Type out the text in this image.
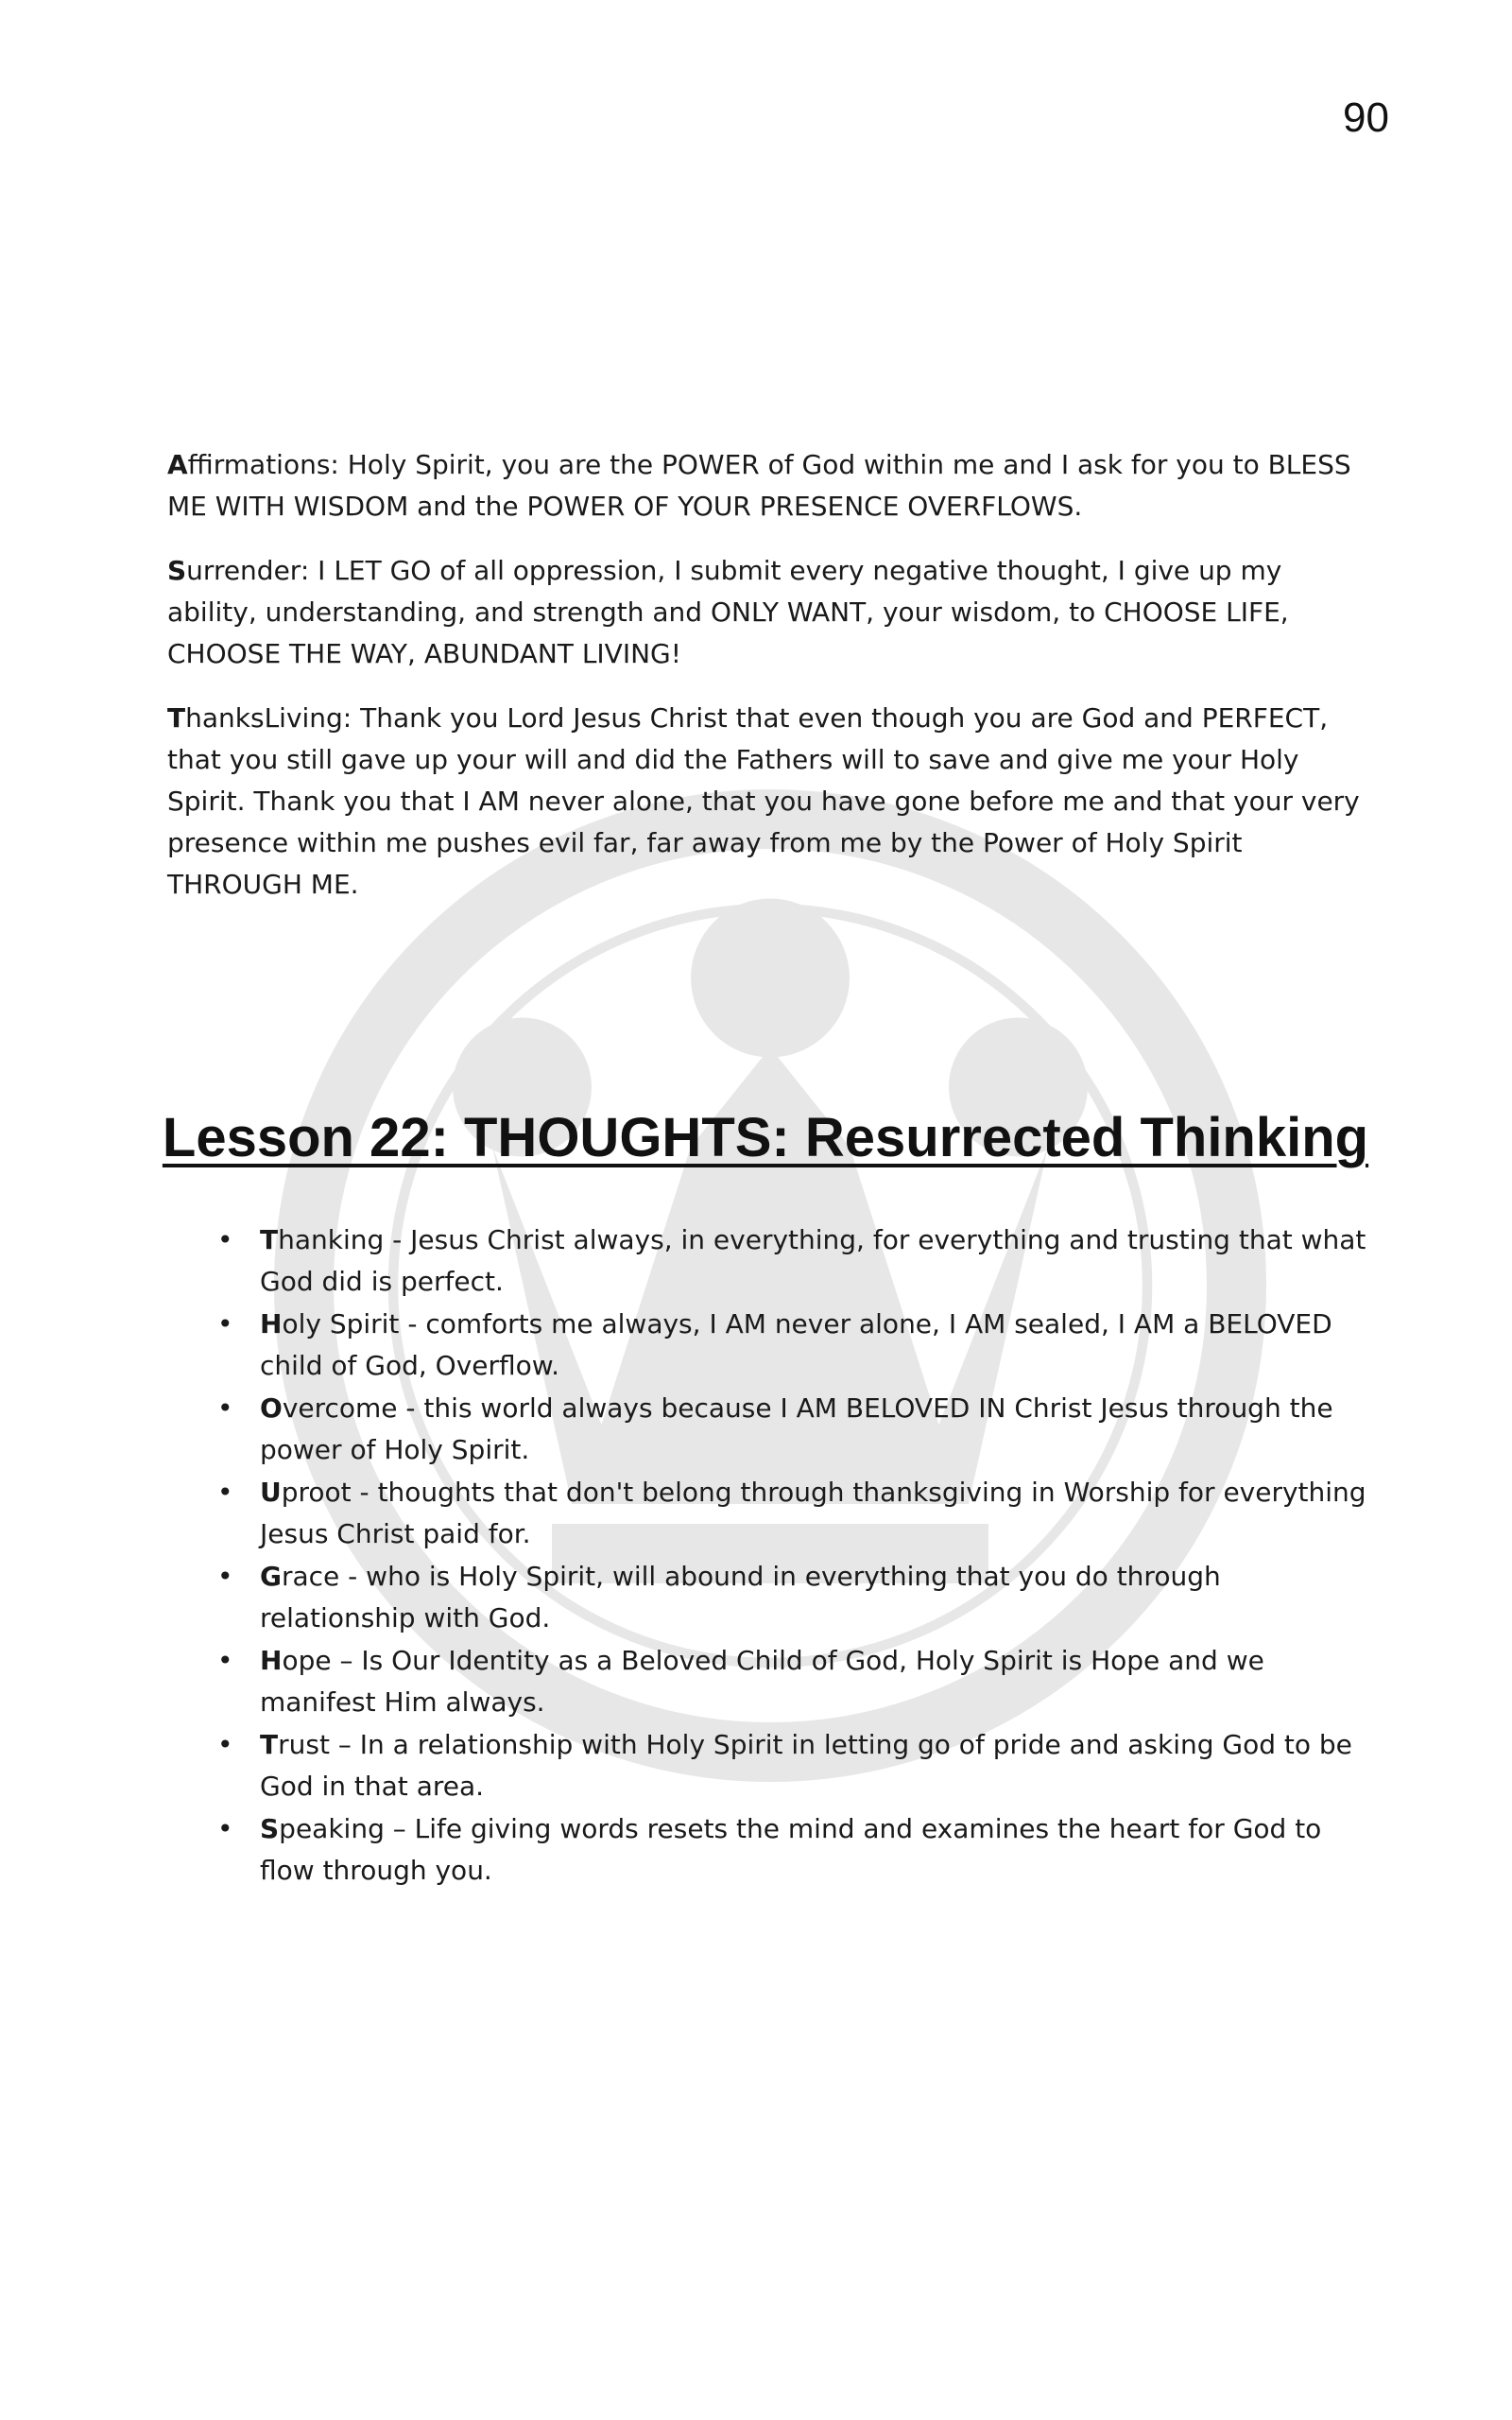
90

Affirmations: Holy Spirit, you are the POWER of God within me and I ask for you to BLESS ME WITH WISDOM and the POWER OF YOUR PRESENCE OVERFLOWS.

Surrender: I LET GO of all oppression, I submit every negative thought, I give up my ability, understanding, and strength and ONLY WANT, your wisdom, to CHOOSE LIFE, CHOOSE THE WAY, ABUNDANT LIVING!

ThanksLiving: Thank you Lord Jesus Christ that even though you are God and PERFECT, that you still gave up your will and did the Fathers will to save and give me your Holy Spirit. Thank you that I AM never alone, that you have gone before me and that your very presence within me pushes evil far, far away from me by the Power of Holy Spirit THROUGH ME.

Lesson 22: THOUGHTS: Resurrected Thinking
• Thanking - Jesus Christ always, in everything, for everything and trusting that what God did is perfect.
• Holy Spirit - comforts me always, I AM never alone, I AM sealed, I AM a BELOVED child of God, Overflow.
• Overcome - this world always because I AM BELOVED IN Christ Jesus through the power of Holy Spirit.
• Uproot - thoughts that don't belong through thanksgiving in Worship for everything Jesus Christ paid for.
• Grace - who is Holy Spirit, will abound in everything that you do through relationship with God.
• Hope – Is Our Identity as a Beloved Child of God, Holy Spirit is Hope and we manifest Him always.
• Trust – In a relationship with Holy Spirit in letting go of pride and asking God to be God in that area.
• Speaking – Life giving words resets the mind and examines the heart for God to flow through you.
